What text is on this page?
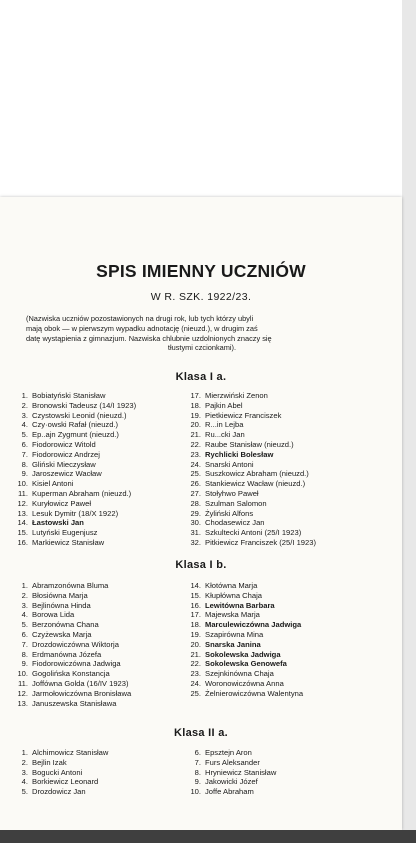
SPIS IMIENNY UCZNIÓW
W R. SZK. 1922/23.
(Nazwiska uczniów pozostawionych na drugi rok, lub tych którzy ubyli
mają obok — w pierwszym wypadku adnotację (nieuzd.), w drugim zaś
datę wystąpienia z gimnazjum. Nazwiska chlubnie uzdolnionych znaczy się
tłustymi czcionkami).
Klasa I a.
1. Bobiatyński Stanisław
2. Bronowski Tadeusz (14/I 1923)
3. Czystowski Leonid (nieuzd.)
4. Czy·owski Rafał (nieuzd.)
5. Ep..ajn Zygmunt (nieuzd.)
6. Fiodorowicz Witold
7. Fiodorowicz Andrzej
8. Gliński Mieczysław
9. Jaroszewicz Wacław
10. Kisiel Antoni
11. Kuperman Abraham (nieuzd.)
12. Kuryłowicz Paweł
13. Lesuk Dymitr (18/X 1922)
14. Łastowski Jan
15. Lutyński Eugenjusz
16. Markiewicz Stanisław
17. Mierzwiński Zenon
18. Pajkin Abel
19. Pietkiewicz Franciszek
20. R...in Lejba
21. Ru...cki Jan
22. Raube Stanisław (nieuzd.)
23. Rychlicki Bolesław
24. Snarski Antoni
25. Suszkowicz Abraham (nieuzd.)
26. Stankiewicz Wacław (nieuzd.)
27. Stołyhwo Paweł
28. Szulman Salomon
29. Żyliński Alfons
30. Chodasewicz Jan
31. Szkultecki Antoni (25/I 1923)
32. Pitkiewicz Franciszek (25/I 1923)
Klasa I b.
1. Abramzonówna Bluma
2. Błosiówna Marja
3. Bejlinówna Hinda
4. Borowa Lida
5. Berzonówna Chana
6. Czyżewska Marja
7. Drozdowiczówna Wiktorja
8. Erdmanówna Józefa
9. Fiodorowiczówna Jadwiga
10. Gogolińska Konstancja
11. Joffówna Golda (16/IV 1923)
12. Jarmołowiczówna Bronisława
13. Januszewska Stanisława
14. Kłotówna Marja
15. Kłupłówna Chaja
16. Lewitówna Barbara
17. Majewska Marja
18. Marculewiczówna Jadwiga
19. Szapirówna Mina
20. Snarska Janina
21. Sokolewska Jadwiga
22. Sokolewska Genowefa
23. Szejnkinówna Chaja
24. Woronowiczówna Anna
25. Żelnierowiczówna Walentyna
Klasa II a.
1. Alchimowicz Stanisław
2. Bejlin Izak
3. Bogucki Antoni
4. Borkiewicz Leonard
5. Drozdowicz Jan
6. Epsztejn Aron
7. Furs Aleksander
8. Hryniewicz Stanisław
9. Jakowicki Józef
10. Joffe Abraham
